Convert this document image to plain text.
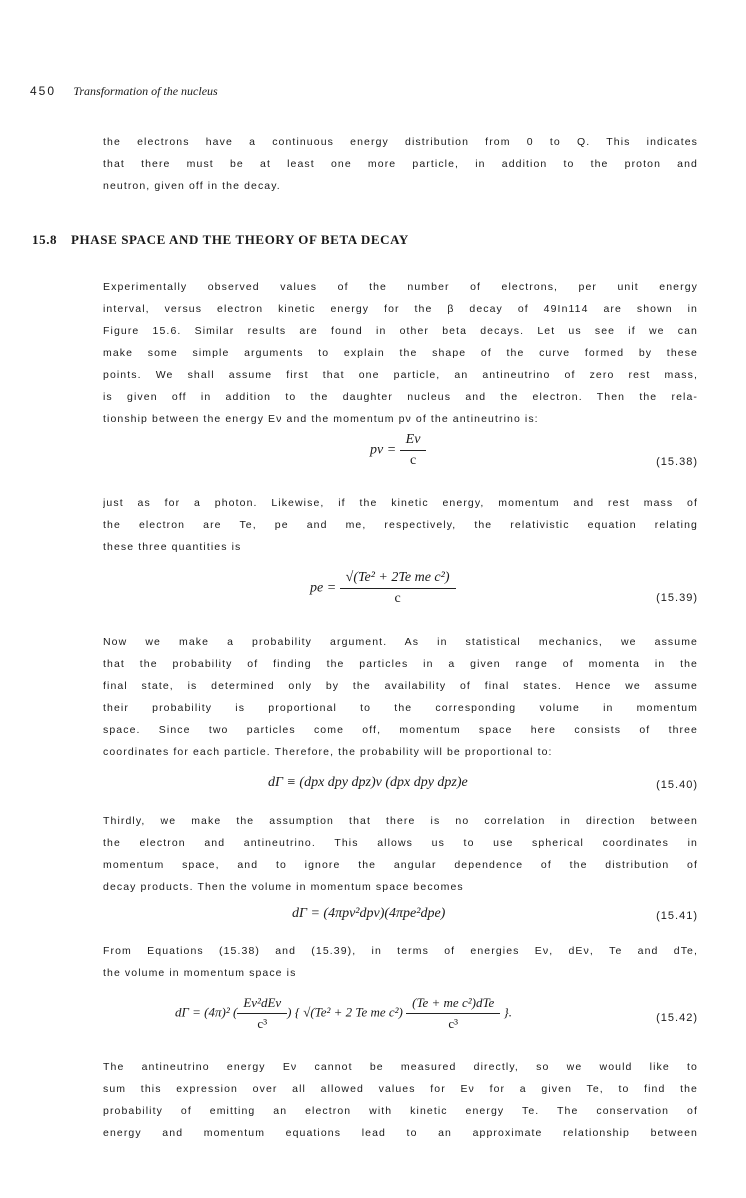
450 Transformation of the nucleus
the electrons have a continuous energy distribution from 0 to Q. This indicates
that there must be at least one more particle, in addition to the proton and
neutron, given off in the decay.
15.8 PHASE SPACE AND THE THEORY OF BETA DECAY
Experimentally observed values of the number of electrons, per unit energy
interval, versus electron kinetic energy for the β decay of 49In114 are shown in
Figure 15.6. Similar results are found in other beta decays. Let us see if we can
make some simple arguments to explain the shape of the curve formed by these
points. We shall assume first that one particle, an antineutrino of zero rest mass,
is given off in addition to the daughter nucleus and the electron. Then the rela-
tionship between the energy Eν and the momentum pν of the antineutrino is:
$p\nu = \frac{E\nu}{c}$	(15.38)
just as for a photon. Likewise, if the kinetic energy, momentum and rest mass of
the electron are Te, pe and me, respectively, the relativistic equation relating
these three quantities is
pe = $\frac{\text{√(Te² + 2Te me c²)}}{c}$	(15.39)
Now we make a probability argument. As in statistical mechanics, we assume
that the probability of finding the particles in a given range of momenta in the
final state, is determined only by the availability of final states. Hence we assume
their probability is proportional to the corresponding volume in momentum
space. Since two particles come off, momentum space here consists of three
coordinates for each particle. Therefore, the probability will be proportional to:
dΓ ≡ (dpx dpy dpz)ν (dpx dpy dpz)e	(15.40)
Thirdly, we make the assumption that there is no correlation in direction between
the electron and antineutrino. This allows us to use spherical coordinates in
momentum space, and to ignore the angular dependence of the distribution of
decay products. Then the volume in momentum space becomes
dΓ = (4πpν²dpν)(4πpe²dpe)	(15.41)
From Equations (15.38) and (15.39), in terms of energies Eν, dEν, Te and dTe,
the volume in momentum space is
dΓ = (4π)² ( $\frac{\text{Eν²dEν}}{\text{c³}}$ ) { √(Te² + 2 Te me $c^2) \frac{\text{(Te + me c²)dTe}}{\text{c³}}$ }.	(15.42)
The antineutrino energy Eν cannot be measured directly, so we would like to
sum this expression over all allowed values for Eν for a given Te, to find the
probability of emitting an electron with kinetic energy Te. The conservation of
energy and momentum equations lead to an approximate relationship between
